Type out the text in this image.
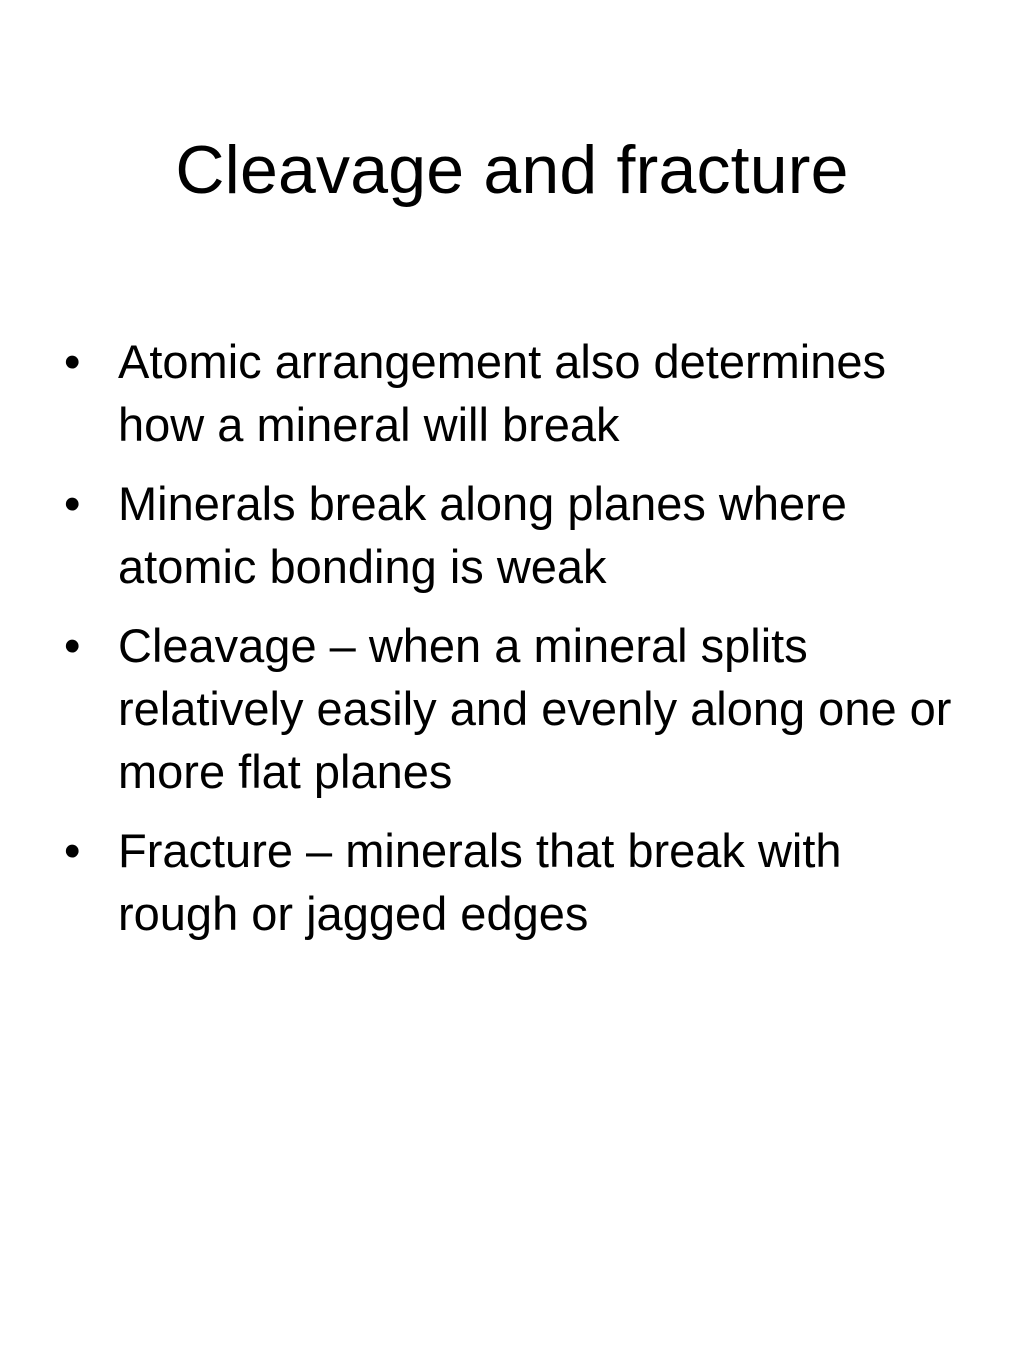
Cleavage and fracture
• Atomic arrangement also determines how a mineral will break
• Minerals break along planes where atomic bonding is weak
• Cleavage – when a mineral splits relatively easily and evenly along one or more flat planes
• Fracture – minerals that break with rough or jagged edges
